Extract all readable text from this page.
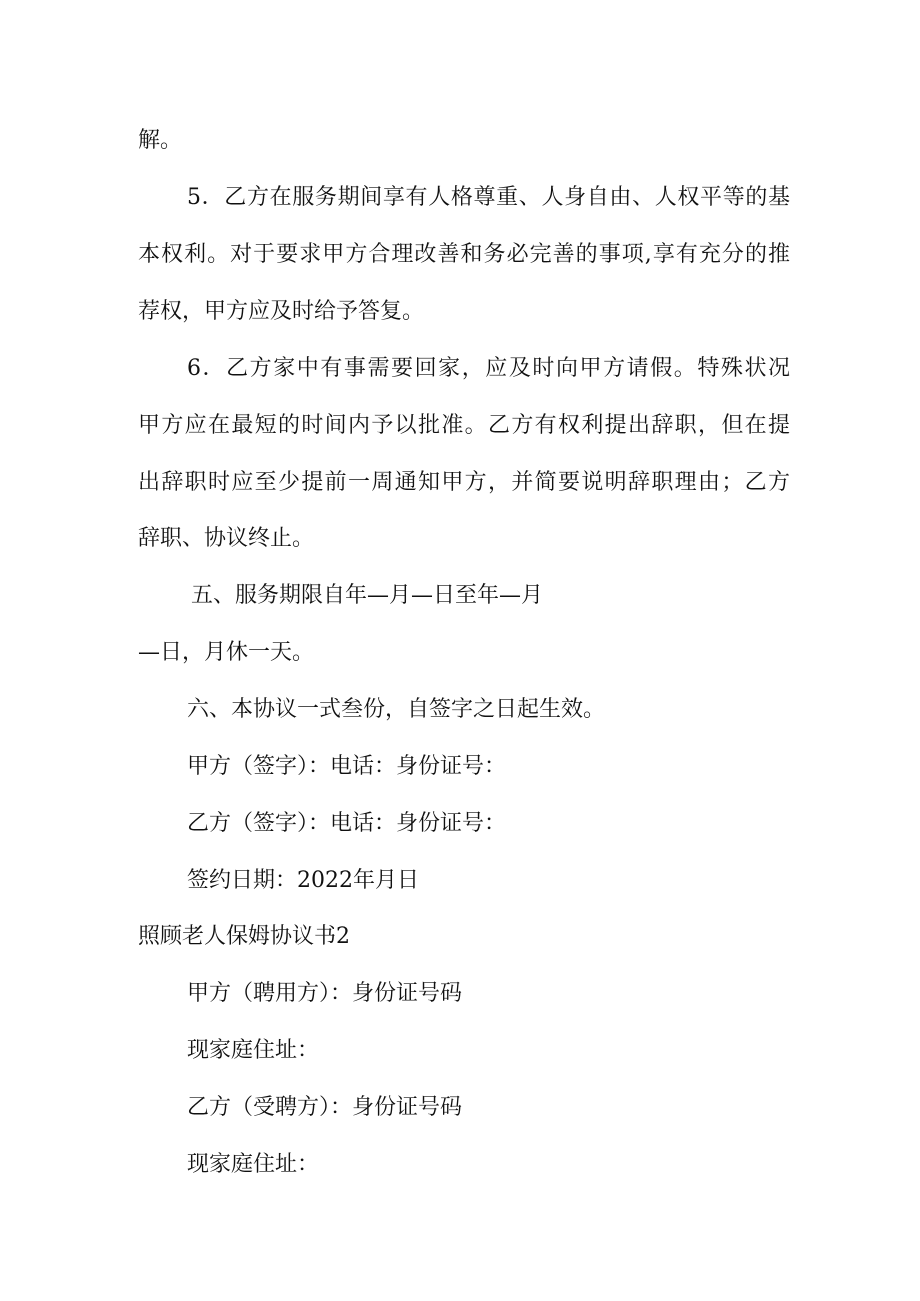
解。
5．乙方在服务期间享有人格尊重、人身自由、人权平等的基
本权利。对于要求甲方合理改善和务必完善的事项,享有充分的推
荐权，甲方应及时给予答复。
6．乙方家中有事需要回家，应及时向甲方请假。特殊状况
甲方应在最短的时间内予以批准。乙方有权利提出辞职，但在提
出辞职时应至少提前一周通知甲方，并简要说明辞职理由；乙方
辞职、协议终止。
五、服务期限自年—月—日至年—月
—日，月休一天。
六、本协议一式叁份，自签字之日起生效。
甲方（签字）：电话：身份证号：
乙方（签字）：电话：身份证号：
签约日期：2022年月日
照顾老人保姆协议书2
甲方（聘用方）：身份证号码
现家庭住址：
乙方（受聘方）：身份证号码
现家庭住址：
